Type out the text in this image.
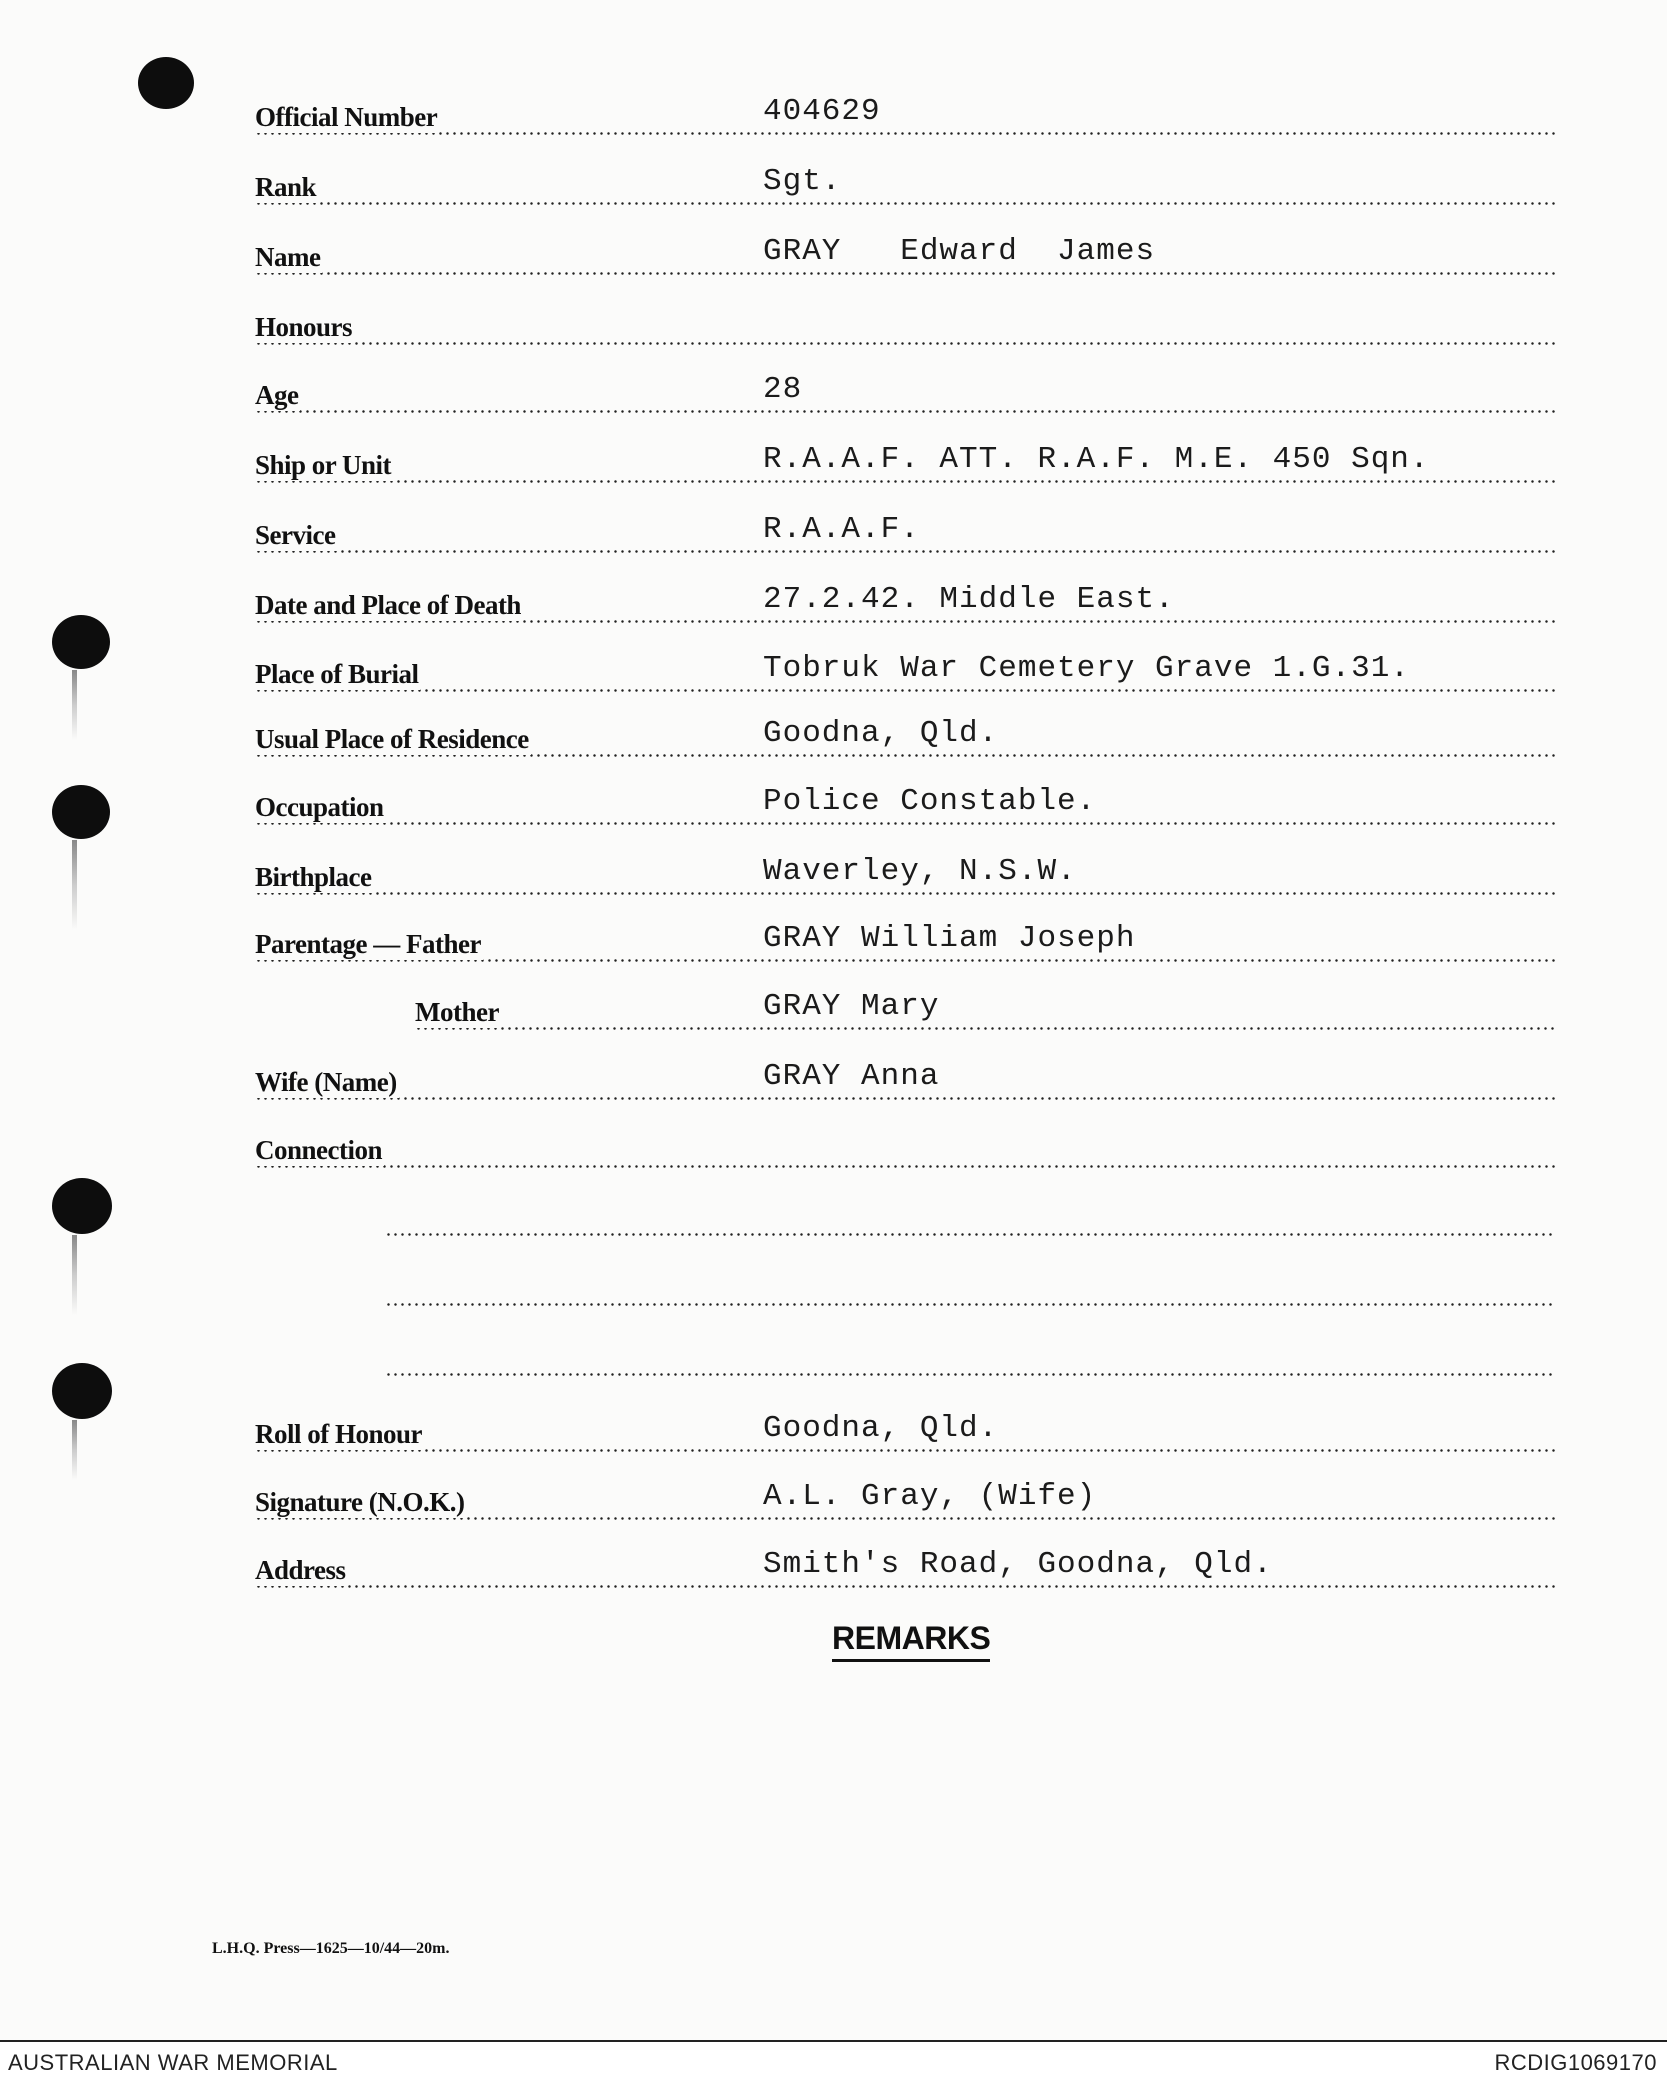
Official Number	404629
Rank	Sgt.
Name	GRAY   Edward  James
Honours
Age	28
Ship or Unit	R.A.A.F. ATT. R.A.F. M.E. 450 Sqn.
Service	R.A.A.F.
Date and Place of Death	27.2.42. Middle East.
Place of Burial	Tobruk War Cemetery Grave 1.G.31.
Usual Place of Residence	Goodna, Qld.
Occupation	Police Constable.
Birthplace	Waverley, N.S.W.
Parentage — Father	GRAY William Joseph
Mother	GRAY Mary
Wife (Name)	GRAY Anna
Connection
Roll of Honour	Goodna, Qld.
Signature (N.O.K.)	A.L. Gray, (Wife)
Address	Smith's Road, Goodna, Qld.
REMARKS
L.H.Q. Press—1625—10/44—20m.
AUSTRALIAN WAR MEMORIAL	RCDIG1069170
